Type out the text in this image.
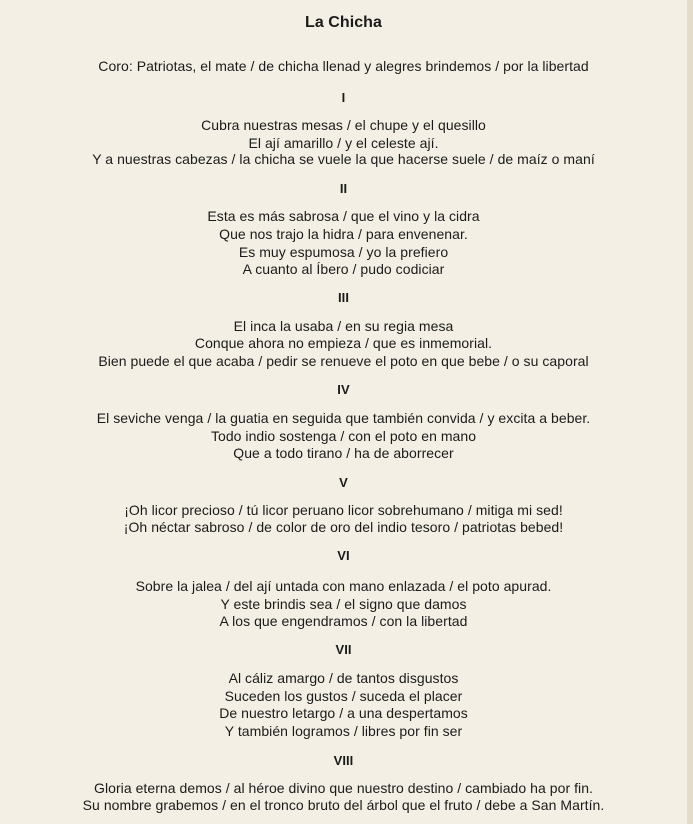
La Chicha
Coro: Patriotas, el mate / de chicha llenad y alegres brindemos / por la libertad
I
Cubra nuestras mesas / el chupe y el quesillo
El ají amarillo / y el celeste ají.
Y a nuestras cabezas / la chicha se vuele la que hacerse suele / de maíz o maní
II
Esta es más sabrosa / que el vino y la cidra
Que nos trajo la hidra / para envenenar.
Es muy espumosa / yo la prefiero
A cuanto al Íbero / pudo codiciar
III
El inca la usaba / en su regia mesa
Conque ahora no empieza / que es inmemorial.
Bien puede el que acaba / pedir se renueve el poto en que bebe / o su caporal
IV
El seviche venga / la guatia en seguida que también convida / y excita a beber.
Todo indio sostenga / con el poto en mano
Que a todo tirano / ha de aborrecer
V
¡Oh licor precioso / tú licor peruano licor sobrehumano / mitiga mi sed!
¡Oh néctar sabroso / de color de oro del indio tesoro / patriotas bebed!
VI
Sobre la jalea / del ají untada con mano enlazada / el poto apurad.
Y este brindis sea / el signo que damos
A los que engendramos / con la libertad
VII
Al cáliz amargo / de tantos disgustos
Suceden los gustos / suceda el placer
De nuestro letargo / a una despertamos
Y también logramos / libres por fin ser
VIII
Gloria eterna demos / al héroe divino que nuestro destino / cambiado ha por fin.
Su nombre grabemos / en el tronco bruto del árbol que el fruto / debe a San Martín.
